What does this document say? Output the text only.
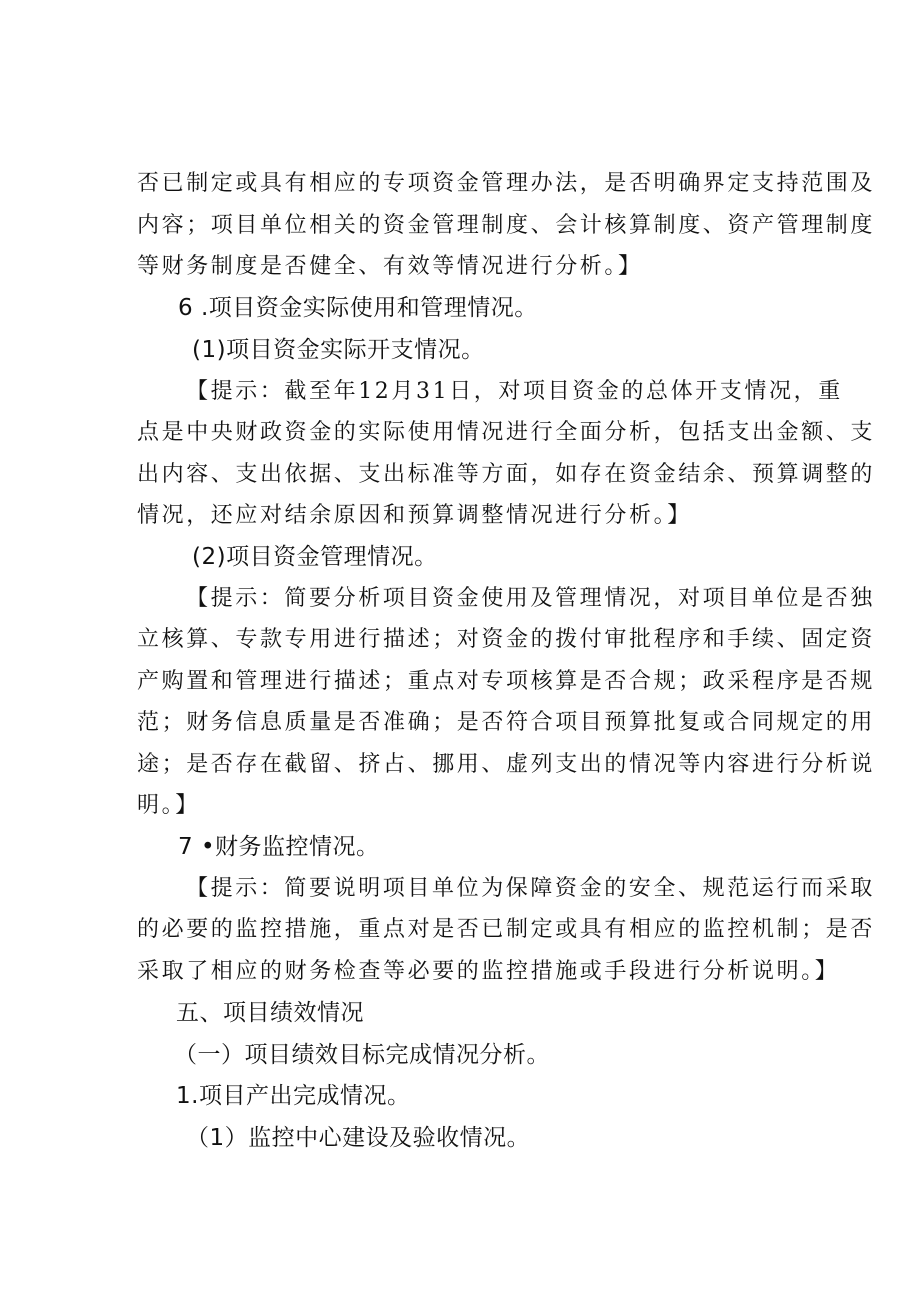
否已制定或具有相应的专项资金管理办法，是否明确界定支持范围及
内容；项目单位相关的资金管理制度、会计核算制度、资产管理制度
等财务制度是否健全、有效等情况进行分析。】
6 .项目资金实际使用和管理情况。
(1)项目资金实际开支情况。
【提示：截至年12月31日，对项目资金的总体开支情况，重
点是中央财政资金的实际使用情况进行全面分析，包括支出金额、支
出内容、支出依据、支出标准等方面，如存在资金结余、预算调整的
情况，还应对结余原因和预算调整情况进行分析。】
(2)项目资金管理情况。
【提示：简要分析项目资金使用及管理情况，对项目单位是否独
立核算、专款专用进行描述；对资金的拨付审批程序和手续、固定资
产购置和管理进行描述；重点对专项核算是否合规；政采程序是否规
范；财务信息质量是否准确；是否符合项目预算批复或合同规定的用
途；是否存在截留、挤占、挪用、虚列支出的情况等内容进行分析说
明。】
7 •财务监控情况。
【提示：简要说明项目单位为保障资金的安全、规范运行而采取
的必要的监控措施，重点对是否已制定或具有相应的监控机制；是否
采取了相应的财务检查等必要的监控措施或手段进行分析说明。】
五、项目绩效情况
（一）项目绩效目标完成情况分析。
1.项目产出完成情况。
（1）监控中心建设及验收情况。
